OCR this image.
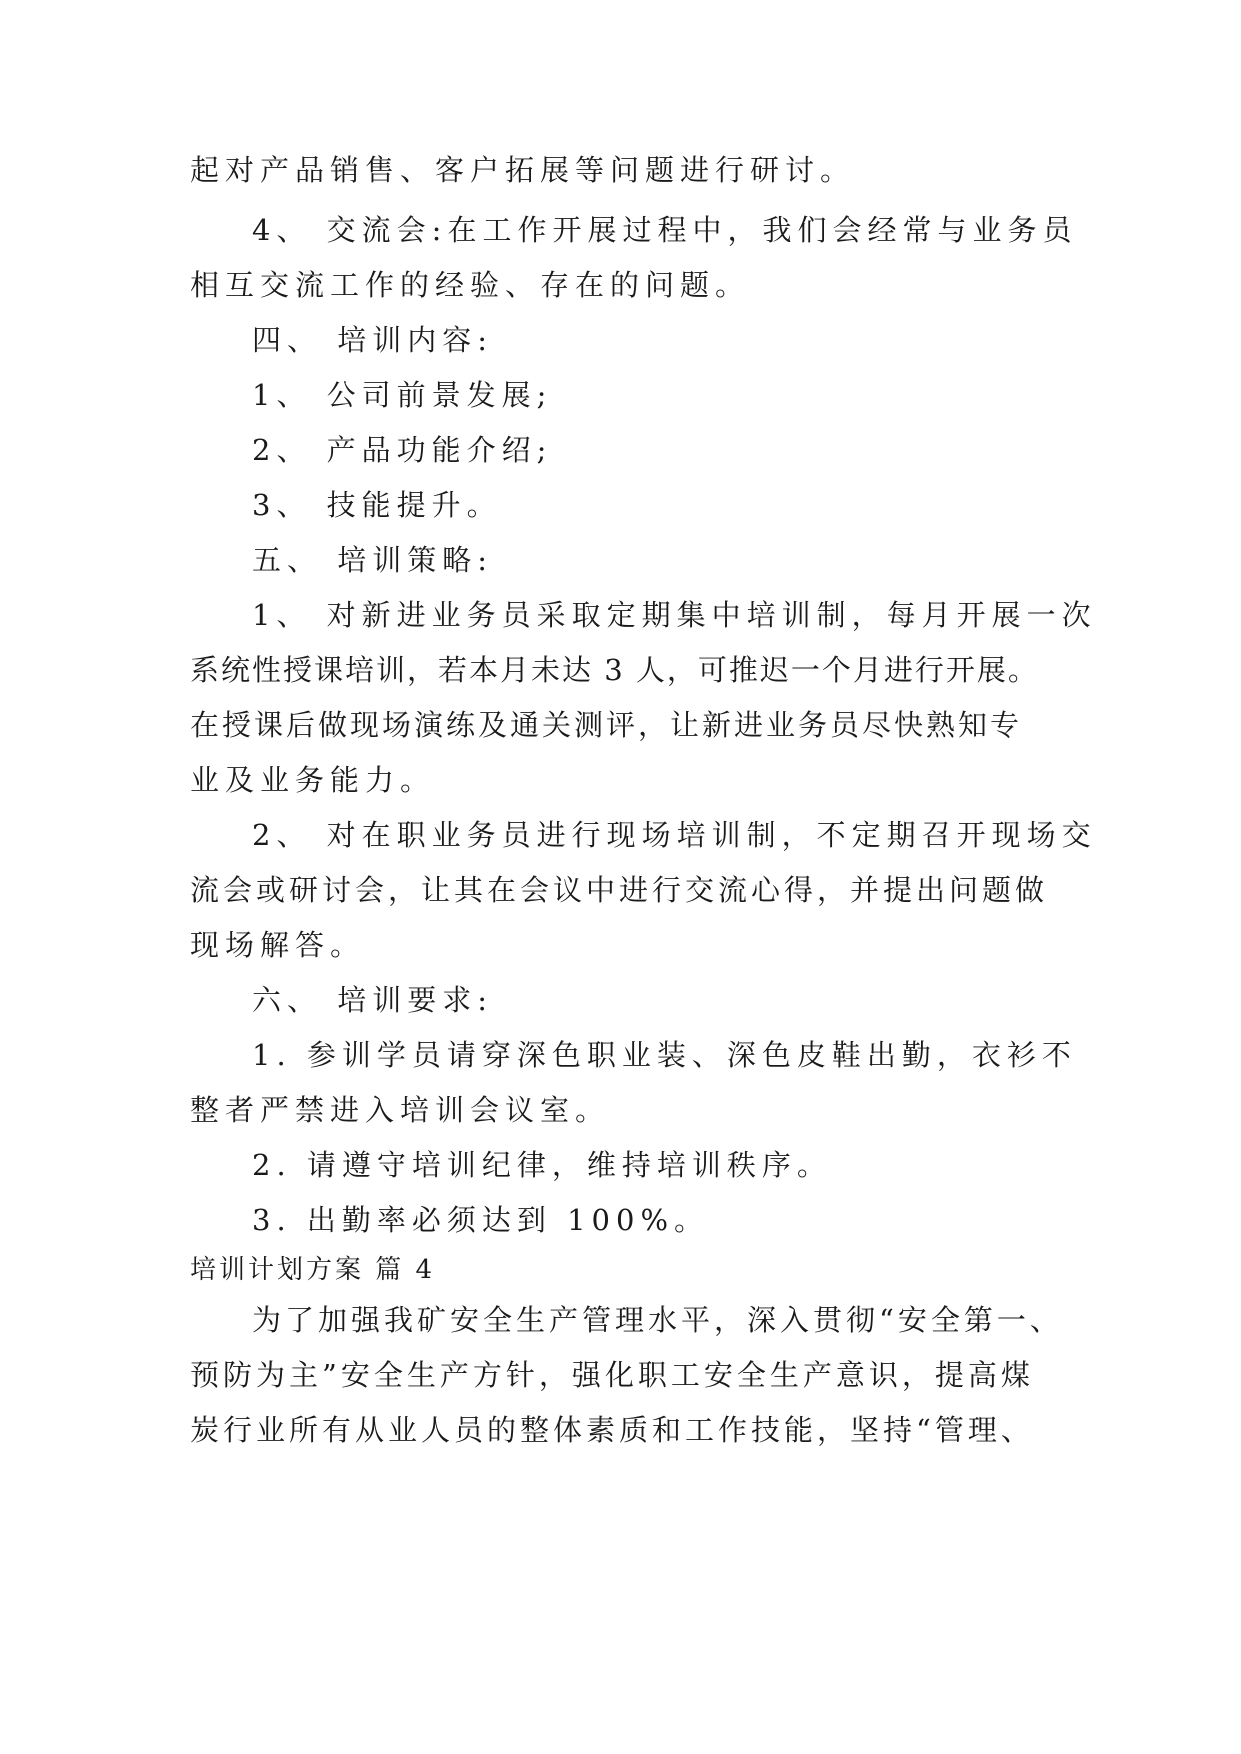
起对产品销售、客户拓展等问题进行研讨。
4、 交流会:在工作开展过程中，我们会经常与业务员
相互交流工作的经验、存在的问题。
四、 培训内容:
1、 公司前景发展;
2、 产品功能介绍;
3、 技能提升。
五、 培训策略:
1、 对新进业务员采取定期集中培训制，每月开展一次
系统性授课培训，若本月未达 3 人，可推迟一个月进行开展。
在授课后做现场演练及通关测评，让新进业务员尽快熟知专
业及业务能力。
2、 对在职业务员进行现场培训制，不定期召开现场交
流会或研讨会，让其在会议中进行交流心得，并提出问题做
现场解答。
六、 培训要求:
1. 参训学员请穿深色职业装、深色皮鞋出勤，衣衫不
整者严禁进入培训会议室。
2. 请遵守培训纪律，维持培训秩序。
3. 出勤率必须达到 100%。
培训计划方案 篇 4
为了加强我矿安全生产管理水平，深入贯彻“安全第一、
预防为主”安全生产方针，强化职工安全生产意识，提高煤
炭行业所有从业人员的整体素质和工作技能，坚持“管理、
